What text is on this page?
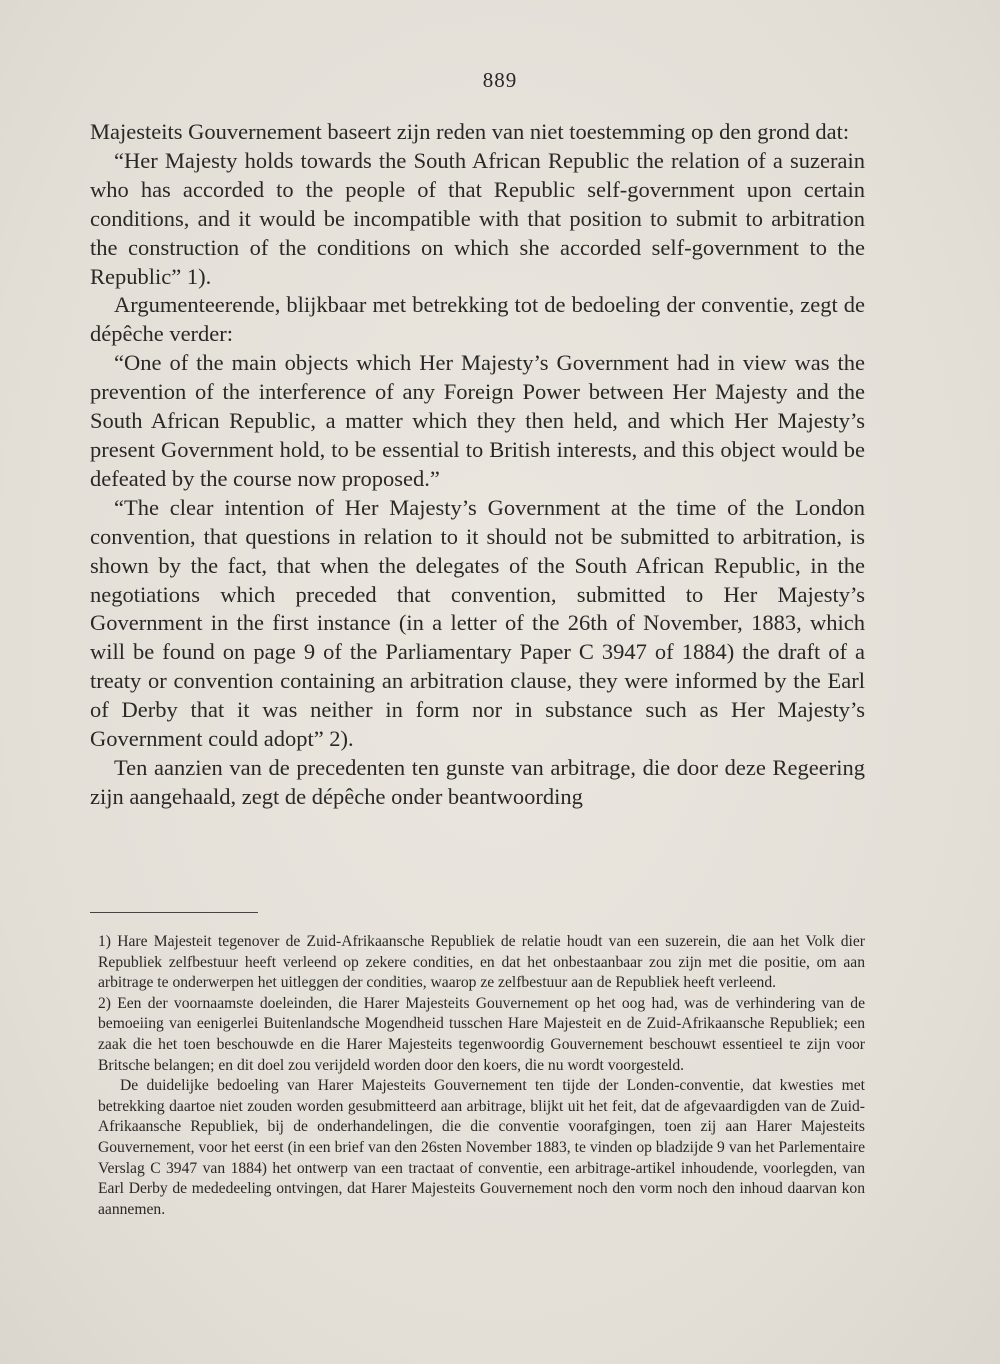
889

Majesteits Gouvernement baseert zijn reden van niet toestemming op den grond dat:

“Her Majesty holds towards the South African Republic the relation of a suzerain who has accorded to the people of that Republic self-government upon certain conditions, and it would be incompatible with that position to submit to arbitration the construction of the conditions on which she accorded self-government to the Republic” 1).

Argumenteerende, blijkbaar met betrekking tot de bedoeling der conventie, zegt de dépêche verder:

“One of the main objects which Her Majesty’s Government had in view was the prevention of the interference of any Foreign Power between Her Majesty and the South African Republic, a matter which they then held, and which Her Majesty’s present Government hold, to be essential to British interests, and this object would be defeated by the course now proposed.”

“The clear intention of Her Majesty’s Government at the time of the London convention, that questions in relation to it should not be submitted to arbitration, is shown by the fact, that when the delegates of the South African Republic, in the negotiations which preceded that convention, submitted to Her Majesty’s Government in the first instance (in a letter of the 26th of November, 1883, which will be found on page 9 of the Parliamentary Paper C 3947 of 1884) the draft of a treaty or convention containing an arbitration clause, they were informed by the Earl of Derby that it was neither in form nor in substance such as Her Majesty’s Government could adopt” 2).

Ten aanzien van de precedenten ten gunste van arbitrage, die door deze Regeering zijn aangehaald, zegt de dépêche onder beantwoording

1) Hare Majesteit tegenover de Zuid-Afrikaansche Republiek de relatie houdt van een suzerein, die aan het Volk dier Republiek zelfbestuur heeft verleend op zekere condities, en dat het onbestaanbaar zou zijn met die positie, om aan arbitrage te onderwerpen het uitleggen der condities, waarop ze zelfbestuur aan de Republiek heeft verleend.

2) Een der voornaamste doeleinden, die Harer Majesteits Gouvernement op het oog had, was de verhindering van de bemoeiing van eenigerlei Buitenlandsche Mogendheid tusschen Hare Majesteit en de Zuid-Afrikaansche Republiek; een zaak die het toen beschouwde en die Harer Majesteits tegenwoordig Gouvernement beschouwt essentieel te zijn voor Britsche belangen; en dit doel zou verijdeld worden door den koers, die nu wordt voorgesteld.

De duidelijke bedoeling van Harer Majesteits Gouvernement ten tijde der Londen-conventie, dat kwesties met betrekking daartoe niet zouden worden gesubmitteerd aan arbitrage, blijkt uit het feit, dat de afgevaardigden van de Zuid-Afrikaansche Republiek, bij de onderhandelingen, die die conventie voorafgingen, toen zij aan Harer Majesteits Gouvernement, voor het eerst (in een brief van den 26sten November 1883, te vinden op bladzijde 9 van het Parlementaire Verslag C 3947 van 1884) het ontwerp van een tractaat of conventie, een arbitrage-artikel inhoudende, voorlegden, van Earl Derby de mededeeling ontvingen, dat Harer Majesteits Gouvernement noch den vorm noch den inhoud daarvan kon aannemen.
